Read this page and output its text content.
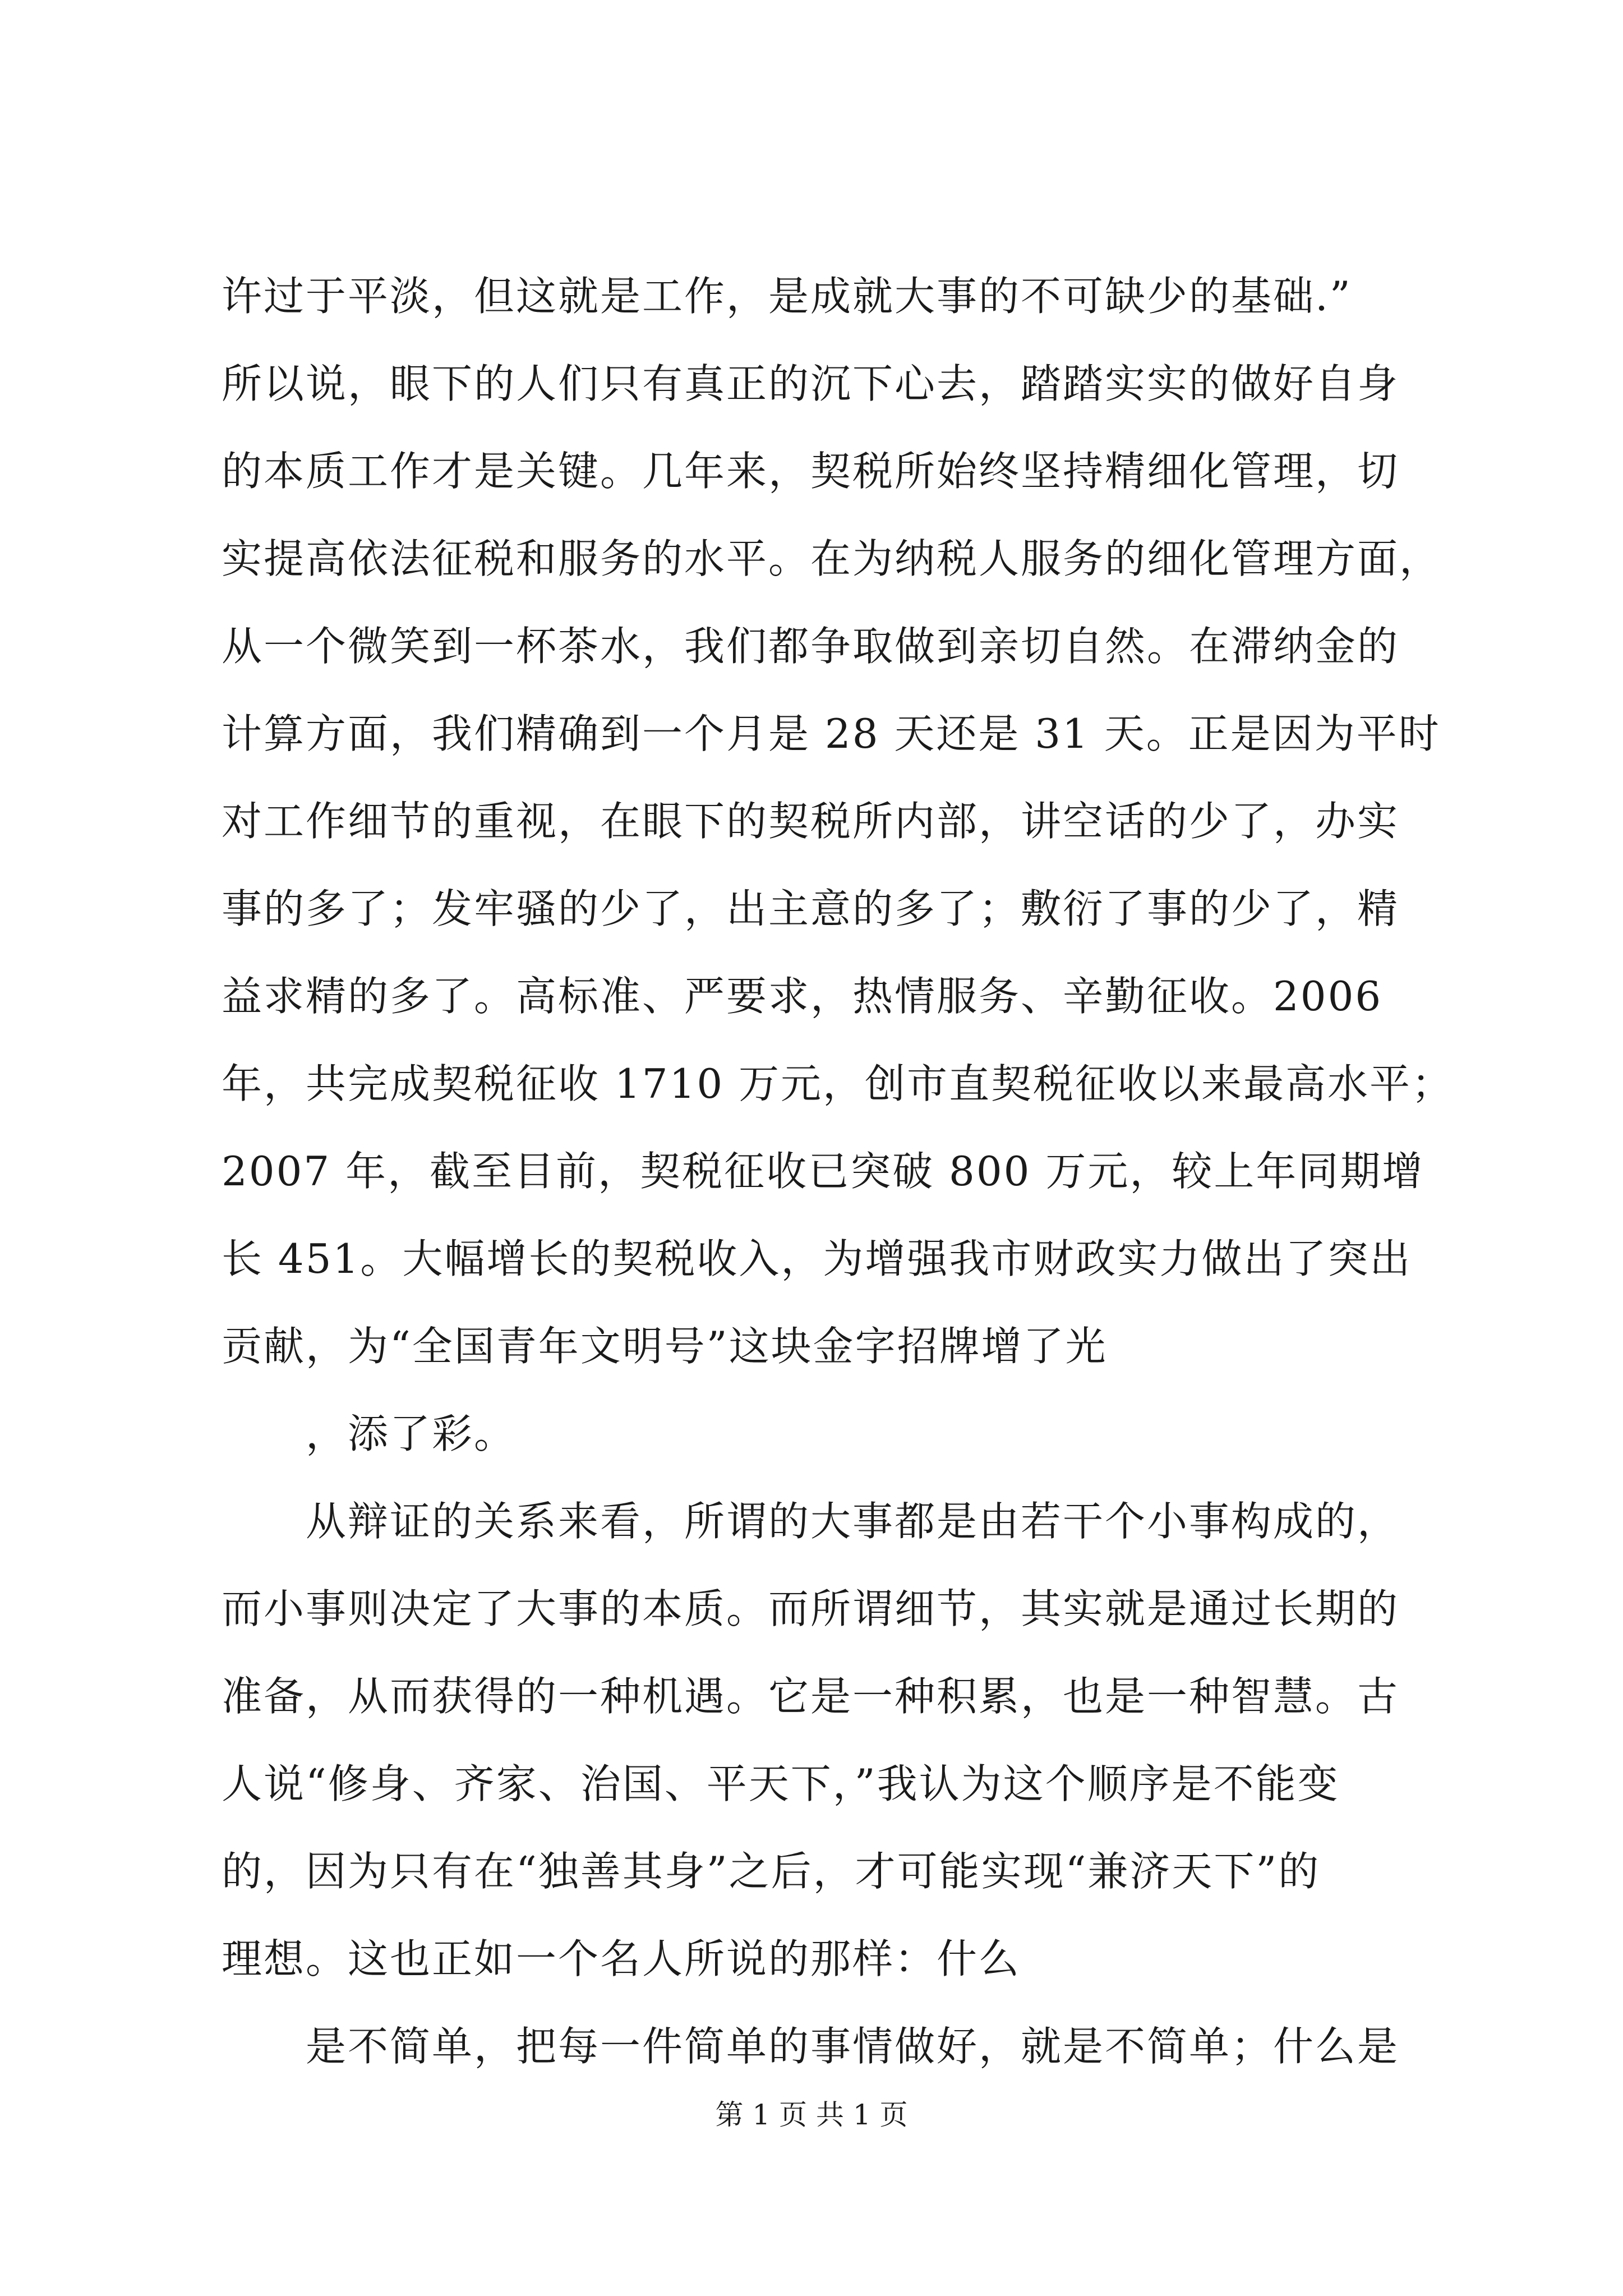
许过于平淡，但这就是工作，是成就大事的不可缺少的基础.”
所以说，眼下的人们只有真正的沉下心去，踏踏实实的做好自身
的本质工作才是关键。几年来，契税所始终坚持精细化管理，切
实提高依法征税和服务的水平。在为纳税人服务的细化管理方面，
从一个微笑到一杯茶水，我们都争取做到亲切自然。在滞纳金的
计算方面，我们精确到一个月是 28 天还是 31 天。正是因为平时
对工作细节的重视，在眼下的契税所内部，讲空话的少了，办实
事的多了；发牢骚的少了，出主意的多了；敷衍了事的少了，精
益求精的多了。高标准、严要求，热情服务、辛勤征收。2006
年，共完成契税征收 1710 万元，创市直契税征收以来最高水平；
2007 年，截至目前，契税征收已突破 800 万元，较上年同期增
长 451。大幅增长的契税收入，为增强我市财政实力做出了突出
贡献，为“全国青年文明号”这块金字招牌增了光
，添了彩。
从辩证的关系来看，所谓的大事都是由若干个小事构成的，
而小事则决定了大事的本质。而所谓细节，其实就是通过长期的
准备，从而获得的一种机遇。它是一种积累，也是一种智慧。古
人说“修身、齐家、治国、平天下，”我认为这个顺序是不能变
的，因为只有在“独善其身”之后，才可能实现“兼济天下”的
理想。这也正如一个名人所说的那样：什么
是不简单，把每一件简单的事情做好，就是不简单；什么是
第 1 页 共 1 页
